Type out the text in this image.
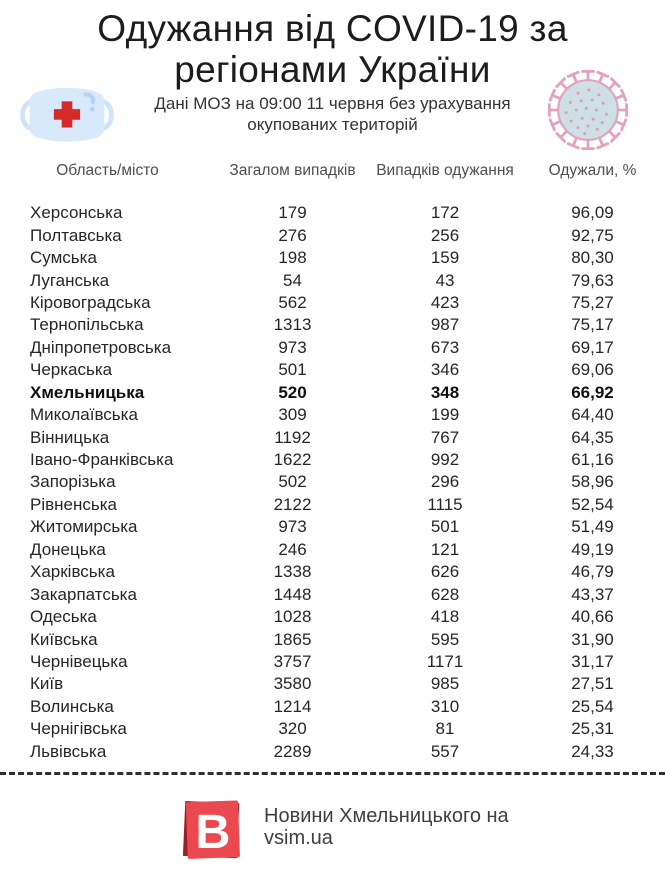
Одужання від COVID-19 за
регіонами України
Дані МОЗ на 09:00 11 червня без урахування
окупованих територій
Область/місто	Загалом випадків	Випадків одужання	Одужали, %
Херсонська	179	172	96,09
Полтавська	276	256	92,75
Сумська	198	159	80,30
Луганська	54	43	79,63
Кіровоградська	562	423	75,27
Тернопільська	1313	987	75,17
Дніпропетровська	973	673	69,17
Черкаська	501	346	69,06
Хмельницька	520	348	66,92
Миколаївська	309	199	64,40
Вінницька	1192	767	64,35
Івано-Франківська	1622	992	61,16
Запорізька	502	296	58,96
Рівненська	2122	1115	52,54
Житомирська	973	501	51,49
Донецька	246	121	49,19
Харківська	1338	626	46,79
Закарпатська	1448	628	43,37
Одеська	1028	418	40,66
Київська	1865	595	31,90
Чернівецька	3757	1171	31,17
Київ	3580	985	27,51
Волинська	1214	310	25,54
Чернігівська	320	81	25,31
Львівська	2289	557	24,33
В Новини Хмельницького на
vsim.ua
